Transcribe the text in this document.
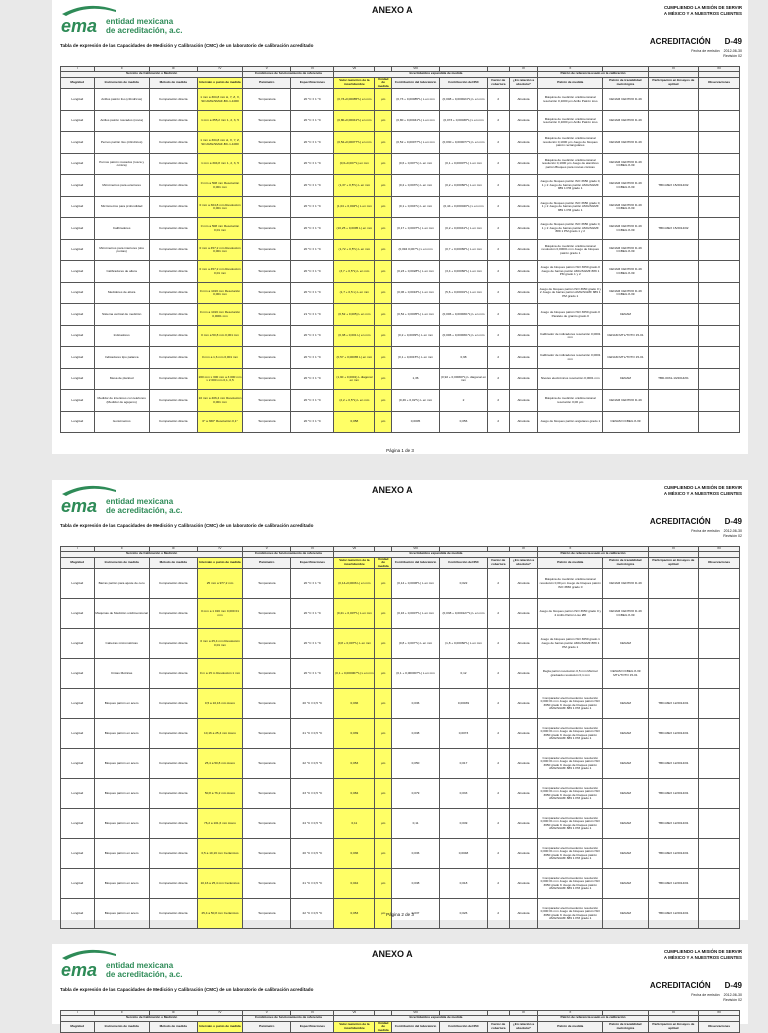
ema entidad mexicana
de acreditación, a.c.
ANEXO A	CUMPLIENDO LA MISIÓN DE SERVIR
A MÉXICO Y A NUESTROS CLIENTES
Tabla de expresión de las Capacidades de Medición y Calibración (CMC) de un laboratorio de calibración acreditado	ACREDITACIÓN D-49
Fecha de emisión 2012-06-30
Revisión 02
I	II	III	IV	V	VI	VII		VIII			IX	X		XI	XII
Servicio de Calibración o Medición				Condiciones de funcionamiento de referencia		Incertidumbre expandida de medida						Patrón de referencia usado en la calibración			
Magnitud	Instrumento de medida	Método de medida	Intervalo o punto de medida	Parámetro	Especificaciones	Valor numérico de la incertidumbre	Unidad de medida	Contribución del laboratorio	Contribución del IBC	Factor de cobertura	¿En relación a absoluta?	Patrón de medida	Patrón de trazabilidad metrológica	Participación en Ensayos de aptitud	Observaciones
Longitud	Anillos patrón liso (cilíndricos)	Comparación directa	1 mm a 304,8 mm Δ, Y, Z, X, SD AMG/SMAF-BC-1-1000	Temperatura	20 °C ± 1 °C	(0,73+0,00085*L) en mm	µm	(0,73 + 0,00085*L) L en mm	(0,008 + 0,000024*L) L en mm	2	Absoluta	Máquina de medición unidimensional resolución 0,1000 µm Anillo Patrón Liso	CENAM CENTRO D-49		
Longitud	Anillos patrón roscados (rosca)	Comparación directa	1 mm a 355,2 mm 1, 2, 3, 5	Temperatura	20 °C ± 1 °C	(0,80+0,00041*L) en mm	µm	(0,80 + 0,00041*L) L en mm	(0,073 + 0,00038*L) L en mm	2	Absoluta	Máquina de medición unidimensional resolución 0,1000 µm Anillo Patrón Liso	CENAM CENTRO D-49		
Longitud	Pernos patrón liso (cilíndricos)	Comparación directa	1 mm a 304,8 mm Δ, X, Y, Z, SD AMG/SMAF-BC-1-1000	Temperatura	20 °C ± 1 °C	(0,52+0,00077*L) en mm	µm	(0,52 + 0,00077*L) L en mm	(0,030 + 0,000077*L) L en mm	2	Absoluta	Máquina de medición unidimensional resolución 0,1000 µm Juego de bloques patrón rectangulares	CENAM CENTRO D-49		
Longitud	Pernos patrón roscados (rosca y cónica)	Comparación directa	1 mm a 304,8 mm 1, 2, 3, 5	Temperatura	20 °C ± 1 °C	(0,6+0,007*L) en mm	µm	(0,6 + 0,007*L) L en mm	(0,1 + 0,00007*L) L en mm	2	Absoluta	Máquina de medición unidimensional resolución 0,1000 µm Juego de alambres patrón Bloques para roscas cónicas	CENAM CENTRO D-49 CCBEG 8-39		
Longitud	Micrómetros para exteriores	Comparación directa	0 mm a 508 mm Resolución 0,001 mm	Temperatura	20 °C ± 1 °C	(1,37 + 0,5*L) L en mm	µm	(0,2 + 0,003*L) L en mm	(0,2 + 0,00060*L) L en mm	2	Absoluta	Juego de bloques patrón ISO 3650 grado 0, 1 y 2 Juego de barras patrón AMG/SGMF 889 1 PM grado 1	CENAM CENTRO D-49 CCBEG 8-39	TBD-MEX 15/2014/02	
Longitud	Micrómetros para profundidad	Comparación directa	0 mm a 304,8 mm Resolución 0,001 mm	Temperatura	20 °C ± 1 °C	(1,04 + 0,004*L) L en mm	µm	(0,1 + 0,004*L) L en mm	(0,44 + 0,000040*L) L en mm	2	Absoluta	Juego de bloques patrón ISO 3650 grado 0, 1 y 2 Juego de barras patrón AMG/SGMF 889 1 PM grado 1	CENAM CENTRO D-49 CCBEG 8-39		
Longitud	Calibradores	Comparación directa	0 mm a 508 mm Resolución 0,01 mm	Temperatura	20 °C ± 1 °C	(10,25 + 0,0095 L) en mm	µm	(0,17 + 0,0007*L) L en mm	(0,2 + 0,00041*L) L en mm	2	Absoluta	Juego de bloques patrón ISO 3650 grado 0, 1 y 2 Juego de barras patrón AMG/SGMF 889 1 PM grado 1 y 2	CENAM CENTRO D-49 CCBEG 8-39	TBD-MEX 15/2014/02	
Longitud	Micrómetros para interiores (dos puntas)	Comparación directa	0 mm a 457,2 mm Resolución 0,001 mm	Temperatura	20 °C ± 1 °C	(1,72 + 0,5*L) L en mm	µm	(0,094 0,007*L) L en mm	(0,7 + 0,00066*L) L en mm	2	Absoluta	Máquina de medición unidimensional resolución 0,00001 mm Juego de bloques patrón grado 1	CENAM CENTRO D-49 CCBEG 8-39		
Longitud	Calibradores de altura	Comparación directa	0 mm a 457,2 mm Resolución 0,01 mm	Temperatura	20 °C ± 1 °C	(3,7 + 0,5*L) L en mm	µm	(0,23 + 0,0028*L) L en mm	(3,4 + 0,00066*L) L en mm	2	Absoluta	Juego de bloques patrón ISO 3650 grado 0 Juego de barras patrón AMG/SGMF 889 1 PM grado 1 y 2	CENAM CENTRO D-49 CCBEG 8-39		
Longitud	Medidores de altura	Comparación directa	0 mm a 1016 mm Resolución 0,001 mm	Temperatura	20 °C ± 1 °C	(1,7 + 0,5 L) L en mm	µm	(0,06 + 0,0016*L) L en mm	(5,6 + 0,00001*L) L en mm	2	Absoluta	Juego de bloques patrón ISO 3650 grado 0 y 2 Juego de barras patrón AMG/SGMF 889 1 PM grado 1	CENAM CENTRO D-49 CCBEG 8-39		
Longitud	Sistema vertical de medición	Comparación directa	0 mm a 1016 mm Resolución 0,0001 mm	Temperatura	21 °C ± 1 °C	(0,52 + 0,005) L en mm	µm	(0,52 + 0,0005*L) L en mm	(0,006 + 0,000061*L) L en mm	2	Absoluta	Juego de bloques patrón ISO 3650 grado 0 Paralelo de granito grado 0	CENAM		
Longitud	Indicadores	Comparación directa	0 mm a 50,8 mm 0,001 mm	Temperatura	20 °C ± 1 °C	(0,38 + 0,001 L) en mm	µm	(0,2 + 0,0009*L) L en mm	(0,006 + 0,000061*L) L en mm	2	Absoluta	Calibrador de indicadores resolución 0,0001 mm	CENAM MTL/TOTO 15-01		
Longitud	Indicadores tipo palanca	Comparación directa	0 mm a 1,6 mm 0,001 mm	Temperatura	20 °C ± 1 °C	(0,57 + 0,00065 L) en mm	µm	(0,1 + 0,0015*L) L en mm	0,98	2	Absoluta	Calibrador de indicadores resolución 0,0001 mm	CENAM MTL/TOTO 15-01		
Longitud	Mesa de planitud	Comparación directa	200 mm x 300 mm a 3 000 mm x 2 000 mm 0,1, 0,5	Temperatura	20 °C ± 1 °C	(1,30 + 0,0001) L diagonal en mm	µm	1,36	(0,92 + 0,00060*L) L diagonal en mm	2	Absoluta	Niveles electrónicos resolución 0,0001 mm	CENAM	TBD-0031-13/2014/01	
Longitud	Medidor de interiores con telefonos (Medidor de agujeros)	Comparación directa	10 mm a 406,4 mm Resolución 0,001 mm	Temperatura	20 °C ± 1 °C	(2,2 + 0,5*L) L en mm	µm	(0,49 + 0,02*L) L en mm	2	2	Absoluta	Máquina de medición unidimensional resolución 0,00 µm	CENAM CENTRO D-49		
Longitud	Goniómetros	Comparación directa	0° a 360° Resolución 0,1°	Temperatura	20 °C ± 1 °C	0,058	µm	0,0005	0,056	2	Absoluta	Juego de bloques patrón angulares grado 1	CENAM CCBEG 8-39		
Página 1 de 3
ema entidad mexicana
de acreditación, a.c.
ANEXO A	CUMPLIENDO LA MISIÓN DE SERVIR
A MÉXICO Y A NUESTROS CLIENTES
Tabla de expresión de las Capacidades de Medición y Calibración (CMC) de un laboratorio de calibración acreditado	ACREDITACIÓN D-49
Fecha de emisión 2012-06-30
Revisión 02
I	II	III	IV	V	VI	VII		VIII			IX	X		XI	XII
Servicio de Calibración o Medición				Condiciones de funcionamiento de referencia		Incertidumbre expandida de medida						Patrón de referencia usado en la calibración			
Magnitud	Instrumento de medida	Método de medida	Intervalo o punto de medida	Parámetro	Especificaciones	Valor numérico de la incertidumbre	Unidad de medida	Contribución del laboratorio	Contribución del IBC	Factor de cobertura	¿En relación a absoluta?	Patrón de medida	Patrón de trazabilidad metrológica	Participación en Ensayos de aptitud	Observaciones
Longitud	Barras patrón para ajuste de cero	Comparación directa	25 mm a 977,2 mm	Temperatura	20 °C ± 1 °C	(0,14+0,0006 L) en mm	µm	(0,14 + 0,0006*L) L en mm	0,022	2	Absoluta	Máquina de medición unidimensional resolución 0,00 µm Juego de bloques patrón ISO 3650 grado 0	CENAM CENTRO D-49		
Longitud	Máquinas de Medición unidimensional	Comparación directa	0 mm a 1 016 mm 0,000 01 mm	Temperatura	20 °C ± 1 °C	(0,21 + 0,007*L) L en mm	µm	(0,16 + 0,0007*L) L en mm	(0,038 + 0,000127*L) L en mm	2	Absoluta	Juego de bloques patrón ISO 3650 grado 0 y 2 Anillo Patrón Liso Ø8	CENAM CENTRO D-49 CCBEG 8-39		
Longitud	Cabezas micrométricas	Comparación directa	0 mm a 25,4 mm Resolución 0,01 mm	Temperatura	20 °C ± 1 °C	(0,8 + 0,007*L) L en mm	µm	(0,8 + 0,007*L) L en mm	(1,8 + 0,00060*L) L en mm	2	Absoluta	Juego de bloques patrón ISO 3650 grado 1 Juego de barras patrón AMG/SGMF 889 1 PM grado 1	CENAM		
Longitud	Cintas Métricas	Comparación directa	0 m a 15 m Resolución 1 mm	Temperatura	20 °C ± 1 °C	(0,1 + 0,000007*L) L en mm	µm	(0,1 + 0,000007*L) L en mm	0,12	2	Absoluta	Regla patrón resolución 0,5 mm Mármol graduado resolución 0,1 mm	CENAM CCBEG 8-39 MTL/TOTO 15-01		
Longitud	Bloques patrón en acero	Comparación directa	0,5 a 10,16 mm Acero	Temperatura	20 °C ± 0,5 °C	0,036	µm	0,036	0,00039	2	Absoluta	Comparador electromecánico resolución 0,000 01 mm Juego de bloques patrón ISO 3650 grado K Juego de bloques patrón AMG/SGMF 889 1 PM grado 1	CENAM	TBD-MEX 12/2014/01	
Longitud	Bloques patrón en acero	Comparación directa	10,16 a 25,4 mm Acero	Temperatura	21 °C ± 0,5 °C	0,039	µm	0,038	0,0073	2	Absoluta	Comparador electromecánico resolución 0,000 01 mm Juego de bloques patrón ISO 3650 grado K Juego de bloques patrón AMG/SGMF 889 1 PM grado 1	CENAM	TBD-MEX 12/2014/01	
Longitud	Bloques patrón en acero	Comparación directa	25,4 a 50,8 mm Acero	Temperatura	22 °C ± 0,5 °C	0,053	µm	0,050	0,017	2	Absoluta	Comparador electromecánico resolución 0,000 01 mm Juego de bloques patrón ISO 3650 grado K Juego de bloques patrón AMG/SGMF 889 1 PM grado 1	CENAM	TBD-MEX 12/2014/01	
Longitud	Bloques patrón en acero	Comparación directa	50,8 a 76,2 mm Acero	Temperatura	23 °C ± 0,5 °C	0,084	µm	0,079	0,033	2	Absoluta	Comparador electromecánico resolución 0,000 01 mm Juego de bloques patrón ISO 3650 grado K Juego de bloques patrón AMG/SGMF 889 1 PM grado 1	CENAM	TBD-MEX 12/2014/01	
Longitud	Bloques patrón en acero	Comparación directa	76,2 a 101,6 mm Acero	Temperatura	24 °C ± 0,5 °C	0,11	µm	0,11	0,049	2	Absoluta	Comparador electromecánico resolución 0,000 01 mm Juego de bloques patrón ISO 3650 grado K Juego de bloques patrón AMG/SGMF 889 1 PM grado 1	CENAM	TBD-MEX 12/2014/01	
Longitud	Bloques patrón en acero	Comparación directa	0,5 a 10,16 mm Cerámicos	Temperatura	20 °C ± 0,5 °C	0,036	µm	0,036	0,0048	2	Absoluta	Comparador electromecánico resolución 0,000 01 mm Juego de bloques patrón ISO 3650 grado K Juego de bloques patrón AMG/SGMF 889 1 PM grado 1	CENAM	TBD-MEX 12/2014/01	
Longitud	Bloques patrón en acero	Comparación directa	10,16 a 25,4 mm Cerámicos	Temperatura	21 °C ± 0,5 °C	0,042	µm	0,038	0,018	2	Absoluta	Comparador electromecánico resolución 0,000 01 mm Juego de bloques patrón ISO 3650 grado K Juego de bloques patrón AMG/SGMF 889 1 PM grado 1	CENAM	TBD-MEX 12/2014/01	
Longitud	Bloques patrón en acero	Comparación directa	25,4 a 50,8 mm Cerámicos	Temperatura	22 °C ± 0,5 °C	0,053	µm	0,037	0,026	2	Absoluta	Comparador electromecánico resolución 0,000 01 mm Juego de bloques patrón ISO 3650 grado K Juego de bloques patrón AMG/SGMF 889 1 PM grado 1	CENAM	TBD-MEX 12/2014/01	
Página 2 de 3
ema entidad mexicana
de acreditación, a.c.
ANEXO A	CUMPLIENDO LA MISIÓN DE SERVIR
A MÉXICO Y A NUESTROS CLIENTES
Tabla de expresión de las Capacidades de Medición y Calibración (CMC) de un laboratorio de calibración acreditado	ACREDITACIÓN D-49
Fecha de emisión 2012-06-30
Revisión 02
I	II	III	IV	V	VI	VII		VIII			IX	X		XI	XII
Servicio de Calibración o Medición				Condiciones de funcionamiento de referencia		Incertidumbre expandida de medida						Patrón de referencia usado en la calibración			
Magnitud	Instrumento de medida	Método de medida	Intervalo o punto de medida	Parámetro	Especificaciones	Valor numérico de la incertidumbre	Unidad de medida	Contribución del laboratorio	Contribución del IBC	Factor de cobertura	¿En relación a absoluta?	Patrón de medida	Patrón de trazabilidad metrológica	Participación en Ensayos de aptitud	Observaciones
